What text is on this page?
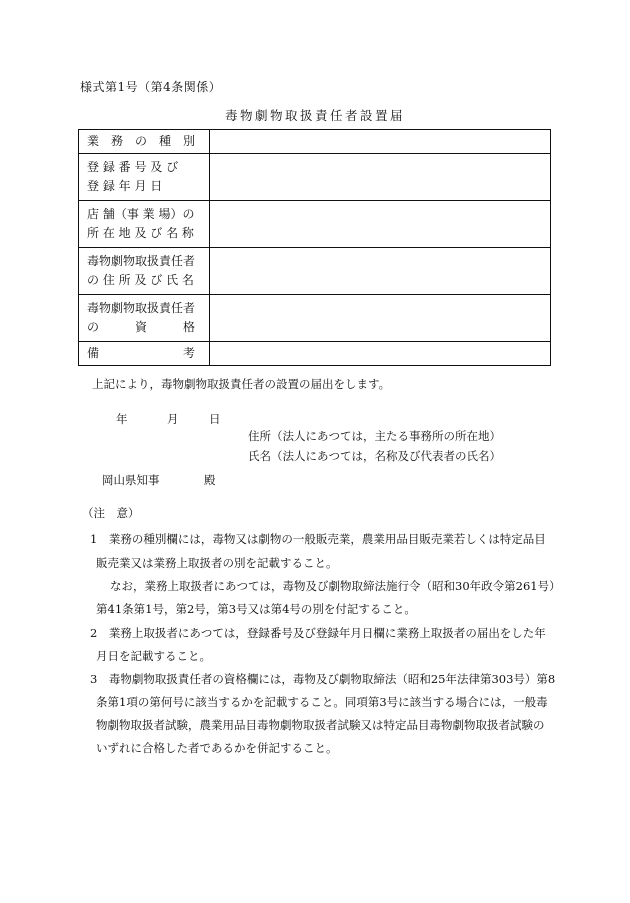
様式第1号（第4条関係）
毒物劇物取扱責任者設置届
業　務　の　種　別	

登 録 番 号 及 び
登 録 年 月 日	

店 舗（事 業 場）の
所 在 地 及 び 名 称	

毒物劇物取扱責任者
の 住 所 及 び 氏 名	

毒物劇物取扱責任者
の　　　資　　　格	

備　　　　　　　考	

上記により，毒物劇物取扱責任者の設置の届出をします。
年	月	日
住所（法人にあつては，主たる事務所の所在地）
氏名（法人にあつては，名称及び代表者の氏名）
岡山県知事	殿
（注　意）
1　業務の種別欄には，毒物又は劇物の一般販売業，農業用品目販売業若しくは特定品目
販売業又は業務上取扱者の別を記載すること。
なお，業務上取扱者にあつては，毒物及び劇物取締法施行令（昭和30年政令第261号）
第41条第1号，第2号，第3号又は第4号の別を付記すること。
2　業務上取扱者にあつては，登録番号及び登録年月日欄に業務上取扱者の届出をした年
月日を記載すること。
3　毒物劇物取扱責任者の資格欄には，毒物及び劇物取締法（昭和25年法律第303号）第8
条第1項の第何号に該当するかを記載すること。同項第3号に該当する場合には，一般毒
物劇物取扱者試験，農業用品目毒物劇物取扱者試験又は特定品目毒物劇物取扱者試験の
いずれに合格した者であるかを併記すること。
